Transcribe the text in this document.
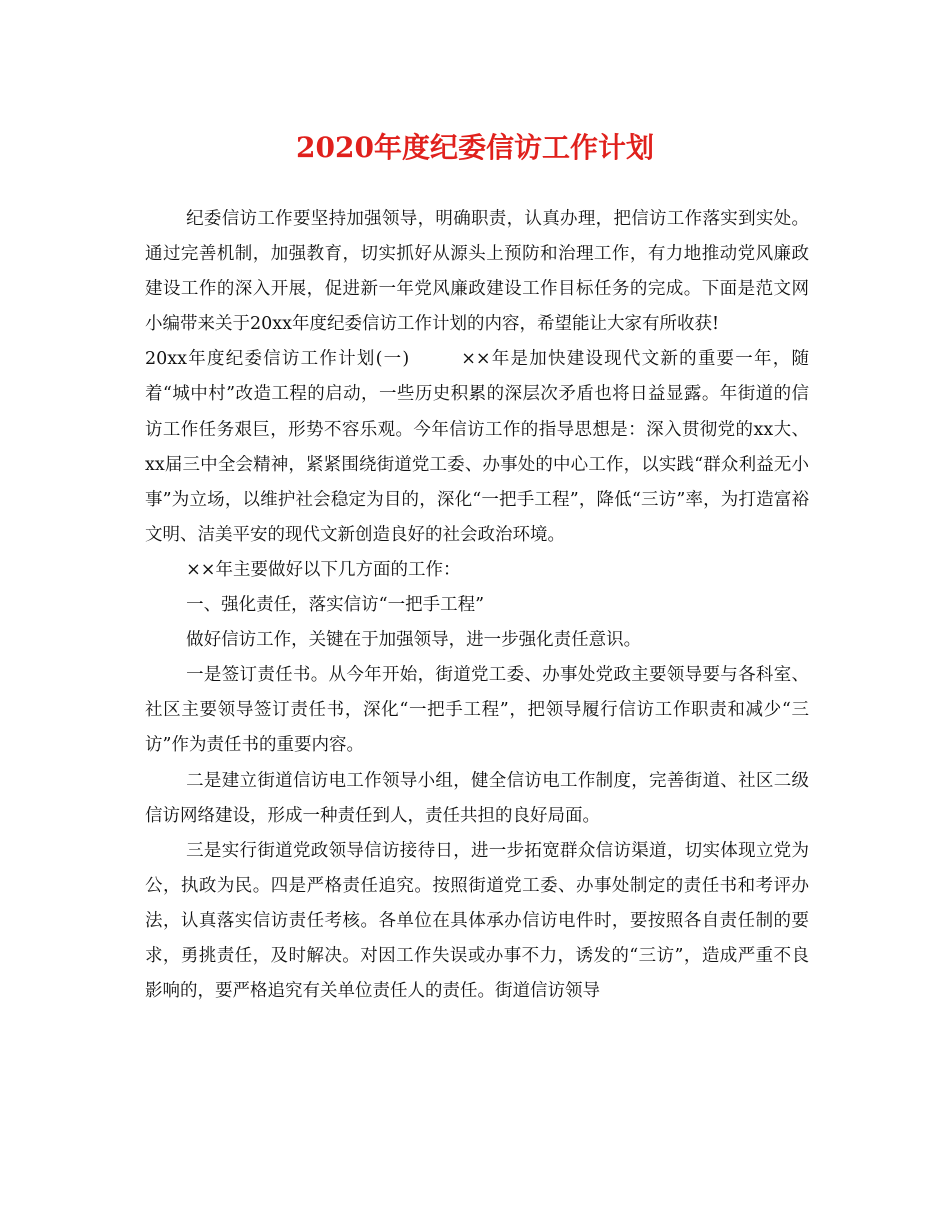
2020年度纪委信访工作计划

纪委信访工作要坚持加强领导，明确职责，认真办理，把信访工作落实到实处。通过完善机制，加强教育，切实抓好从源头上预防和治理工作，有力地推动党风廉政建设工作的深入开展，促进新一年党风廉政建设工作目标任务的完成。下面是范文网小编带来关于20xx年度纪委信访工作计划的内容，希望能让大家有所收获!

20xx年度纪委信访工作计划(一)	××年是加快建设现代文新的重要一年，随着“城中村”改造工程的启动，一些历史积累的深层次矛盾也将日益显露。年街道的信访工作任务艰巨，形势不容乐观。今年信访工作的指导思想是：深入贯彻党的xx大、xx届三中全会精神，紧紧围绕街道党工委、办事处的中心工作，以实践“群众利益无小事”为立场，以维护社会稳定为目的，深化“一把手工程”，降低“三访”率，为打造富裕文明、洁美平安的现代文新创造良好的社会政治环境。

××年主要做好以下几方面的工作：

一、强化责任，落实信访“一把手工程”

做好信访工作，关键在于加强领导，进一步强化责任意识。

一是签订责任书。从今年开始，街道党工委、办事处党政主要领导要与各科室、社区主要领导签订责任书，深化“一把手工程”，把领导履行信访工作职责和减少“三访”作为责任书的重要内容。

二是建立街道信访电工作领导小组，健全信访电工作制度，完善街道、社区二级信访网络建设，形成一种责任到人，责任共担的良好局面。

三是实行街道党政领导信访接待日，进一步拓宽群众信访渠道，切实体现立党为公，执政为民。四是严格责任追究。按照街道党工委、办事处制定的责任书和考评办法，认真落实信访责任考核。各单位在具体承办信访电件时，要按照各自责任制的要求，勇挑责任，及时解决。对因工作失误或办事不力，诱发的“三访”，造成严重不良影响的，要严格追究有关单位责任人的责任。街道信访领导
